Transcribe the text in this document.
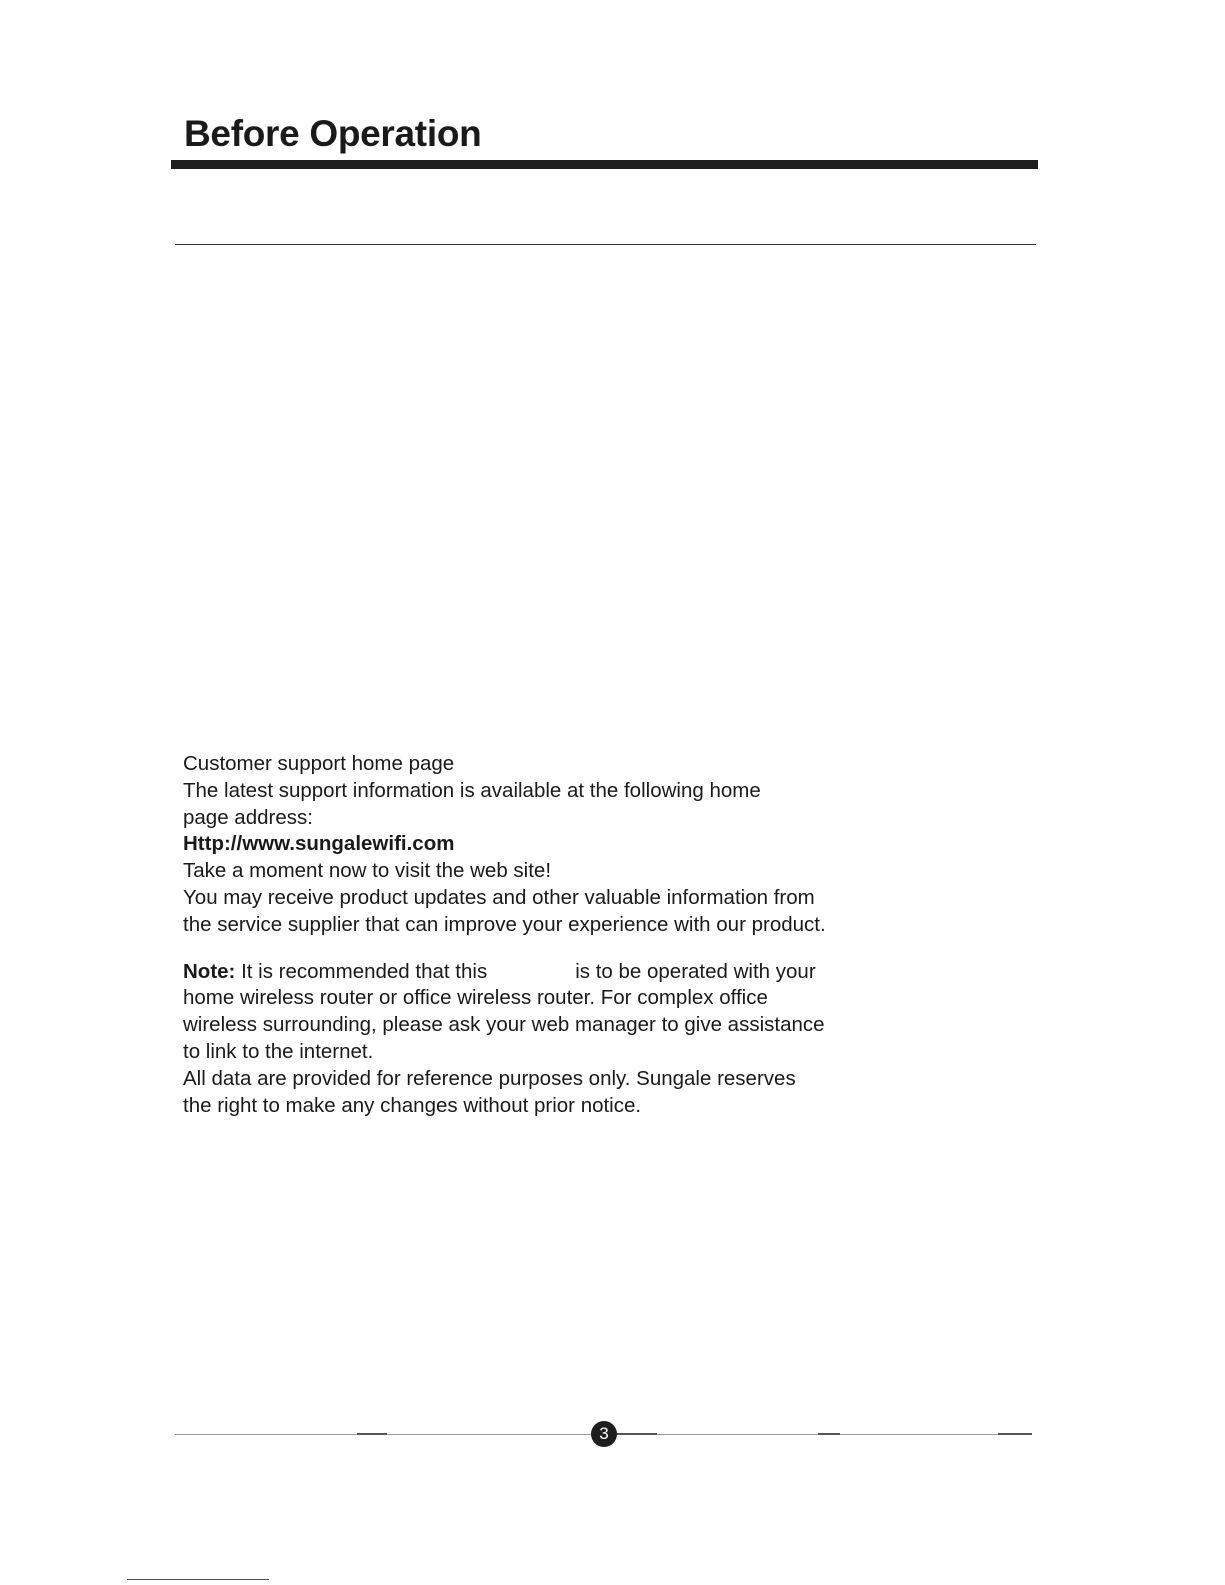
Before Operation

Customer support home page

The latest support information is available at the following home

page address:

Http://www.sungalewifi.com

Take a moment now to visit the web site!

You may receive product updates and other valuable information from

the service supplier that can improve your experience with our product.

Note: It is recommended that this	is to be operated with your

home wireless router or office wireless router. For complex office

wireless surrounding, please ask your web manager to give assistance

to link to the internet.

All data are provided for reference purposes only. Sungale reserves

the right to make any changes without prior notice.

3
